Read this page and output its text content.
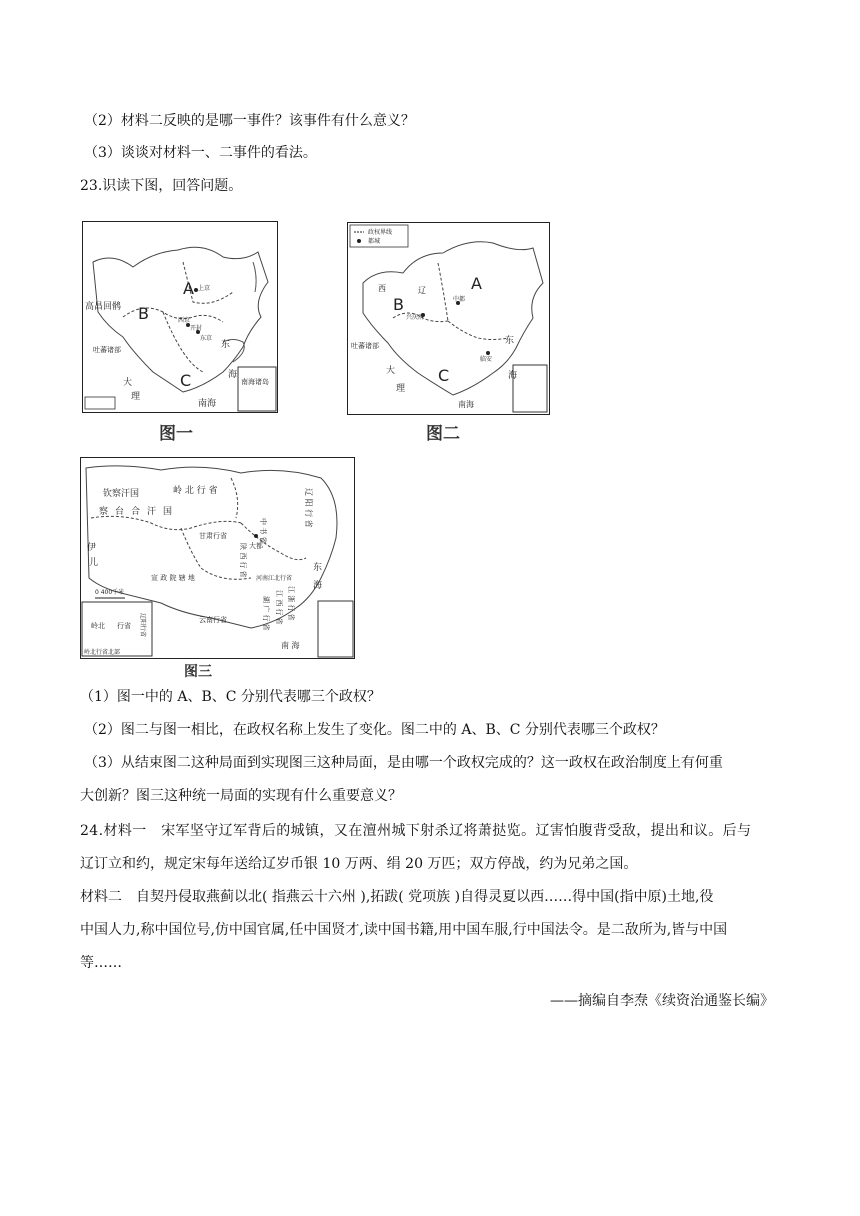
（2）材料二反映的是哪一事件？该事件有什么意义？
（3）谈谈对材料一、二事件的看法。
23.识读下图，回答问题。
A 上京
B
高昌回鹘
西京
开封
东京
吐蕃诸部
C
东
海
大
理
南海
南海诸岛
图一
政权界线
都城
A
B
西	辽
中都
兴庆府
临安
吐蕃诸部
C
东
海
大
理
南海
图二
钦察汗国	岭 北 行 省
察 台 合 汗 国
伊
儿
辽 阳 行 省
甘肃行省
大都
中 书 省
陕 西 行 省
河南江北行省
宣 政 院 辖 地
江 浙 行 省
江 西 行 省
湖 广 行 省
云南行省
东
海
南 海
0 400千米
岭北 行省 辽阳行省
岭北行省北部
图三
（1）图一中的 A、B、C 分别代表哪三个政权？
（2）图二与图一相比，在政权名称上发生了变化。图二中的 A、B、C 分别代表哪三个政权？
（3）从结束图二这种局面到实现图三这种局面，是由哪一个政权完成的？这一政权在政治制度上有何重
大创新？图三这种统一局面的实现有什么重要意义？
24.材料一　宋军坚守辽军背后的城镇，又在澶州城下射杀辽将萧挞览。辽害怕腹背受敌，提出和议。后与
辽订立和约，规定宋每年送给辽岁币银 10 万两、绢 20 万匹；双方停战，约为兄弟之国。
材料二　自契丹侵取燕蓟以北( 指燕云十六州 ),拓跋( 党项族 )自得灵夏以西……得中国(指中原)土地,役
中国人力,称中国位号,仿中国官属,任中国贤才,读中国书籍,用中国车服,行中国法令。是二敌所为,皆与中国
等……
——摘编自李焘《续资治通鉴长编》
